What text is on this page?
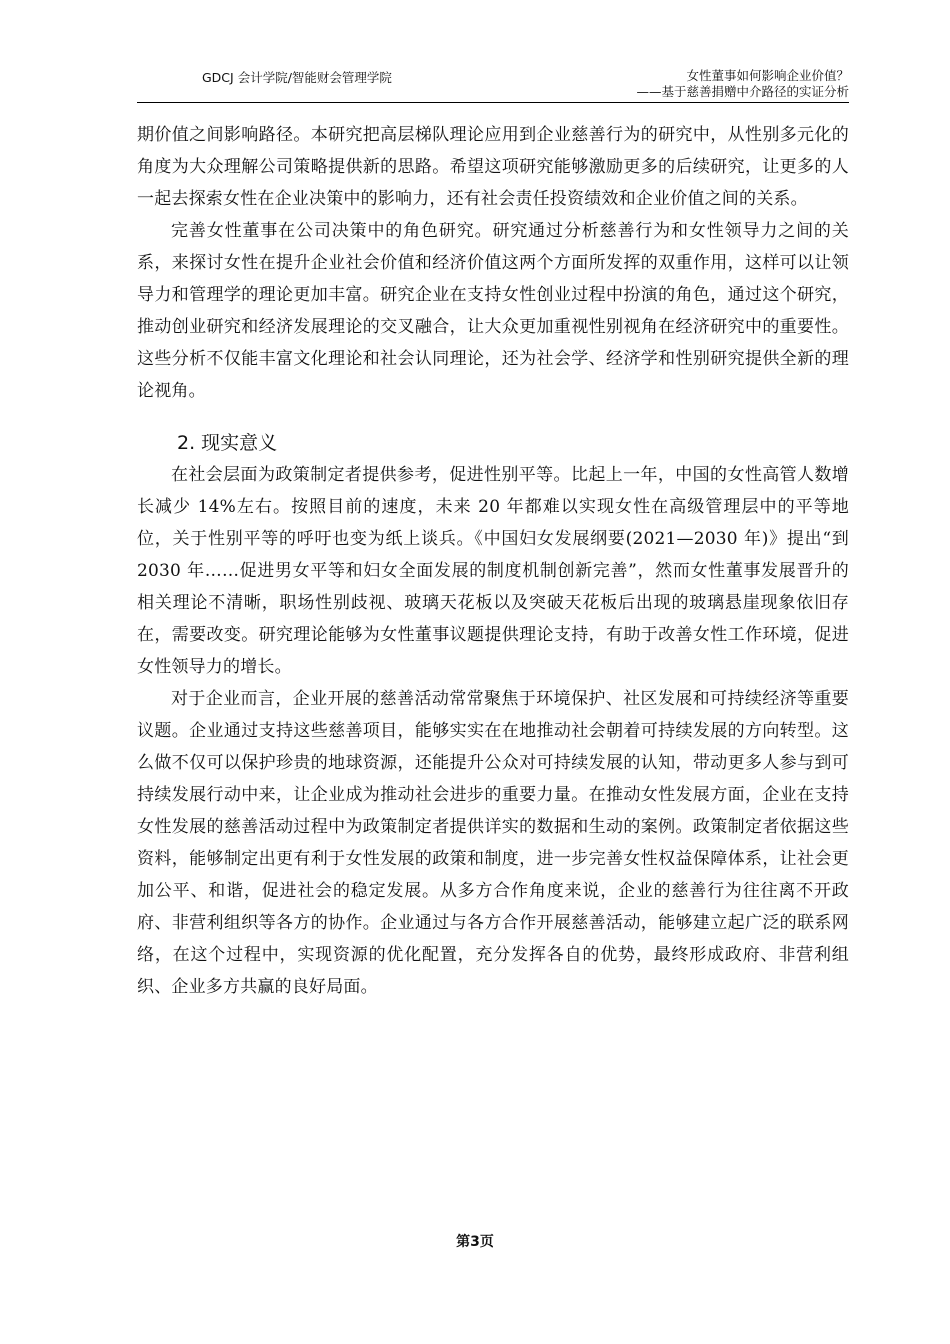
GDCJ 会计学院/智能财会管理学院	女性董事如何影响企业价值？
——基于慈善捐赠中介路径的实证分析

期价值之间影响路径。本研究把高层梯队理论应用到企业慈善行为的研究中，从性别多元化的角度为大众理解公司策略提供新的思路。希望这项研究能够激励更多的后续研究，让更多的人一起去探索女性在企业决策中的影响力，还有社会责任投资绩效和企业价值之间的关系。

完善女性董事在公司决策中的角色研究。研究通过分析慈善行为和女性领导力之间的关系，来探讨女性在提升企业社会价值和经济价值这两个方面所发挥的双重作用，这样可以让领导力和管理学的理论更加丰富。研究企业在支持女性创业过程中扮演的角色，通过这个研究，推动创业研究和经济发展理论的交叉融合，让大众更加重视性别视角在经济研究中的重要性。这些分析不仅能丰富文化理论和社会认同理论，还为社会学、经济学和性别研究提供全新的理论视角。

2. 现实意义

在社会层面为政策制定者提供参考，促进性别平等。比起上一年，中国的女性高管人数增长减少 14%左右。按照目前的速度，未来 20 年都难以实现女性在高级管理层中的平等地位，关于性别平等的呼吁也变为纸上谈兵。《中国妇女发展纲要(2021—2030 年)》提出“到 2030 年……促进男女平等和妇女全面发展的制度机制创新完善”，然而女性董事发展晋升的相关理论不清晰，职场性别歧视、玻璃天花板以及突破天花板后出现的玻璃悬崖现象依旧存在，需要改变。研究理论能够为女性董事议题提供理论支持，有助于改善女性工作环境，促进女性领导力的增长。

对于企业而言，企业开展的慈善活动常常聚焦于环境保护、社区发展和可持续经济等重要议题。企业通过支持这些慈善项目，能够实实在在地推动社会朝着可持续发展的方向转型。这么做不仅可以保护珍贵的地球资源，还能提升公众对可持续发展的认知，带动更多人参与到可持续发展行动中来，让企业成为推动社会进步的重要力量。在推动女性发展方面，企业在支持女性发展的慈善活动过程中为政策制定者提供详实的数据和生动的案例。政策制定者依据这些资料，能够制定出更有利于女性发展的政策和制度，进一步完善女性权益保障体系，让社会更加公平、和谐，促进社会的稳定发展。从多方合作角度来说，企业的慈善行为往往离不开政府、非营利组织等各方的协作。企业通过与各方合作开展慈善活动，能够建立起广泛的联系网络，在这个过程中，实现资源的优化配置，充分发挥各自的优势，最终形成政府、非营利组织、企业多方共赢的良好局面。

第3页
